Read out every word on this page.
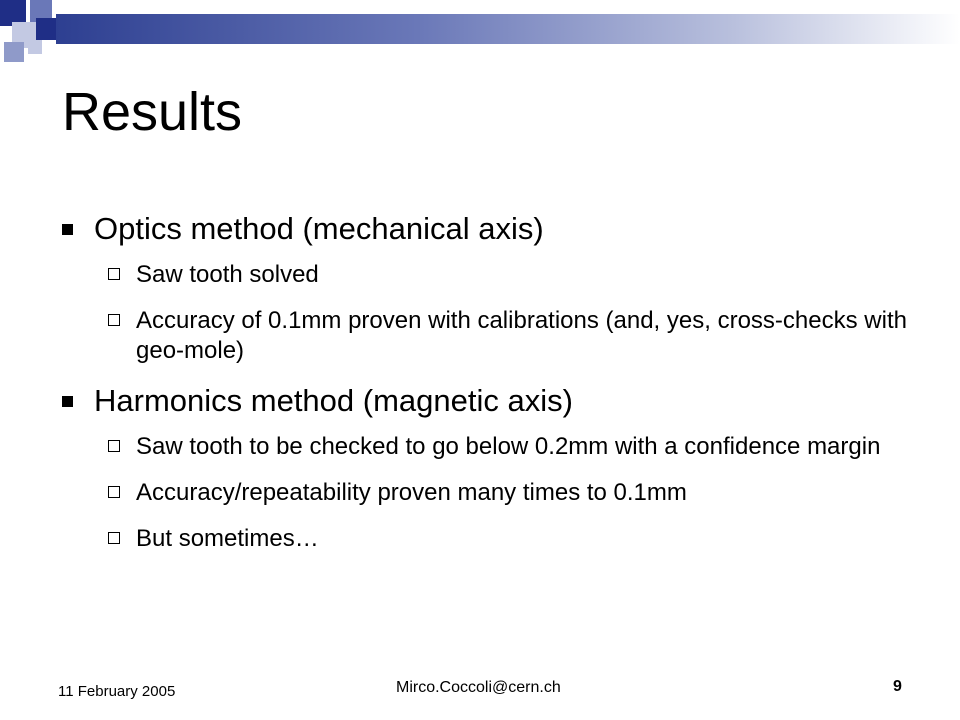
Results
Optics method (mechanical axis)
Saw tooth solved
Accuracy of 0.1mm proven with calibrations (and, yes, cross-checks with geo-mole)
Harmonics method (magnetic axis)
Saw tooth to be checked to go below 0.2mm with a confidence margin
Accuracy/repeatability proven many times to 0.1mm
But sometimes…
11 February 2005	Mirco.Coccoli@cern.ch	9
